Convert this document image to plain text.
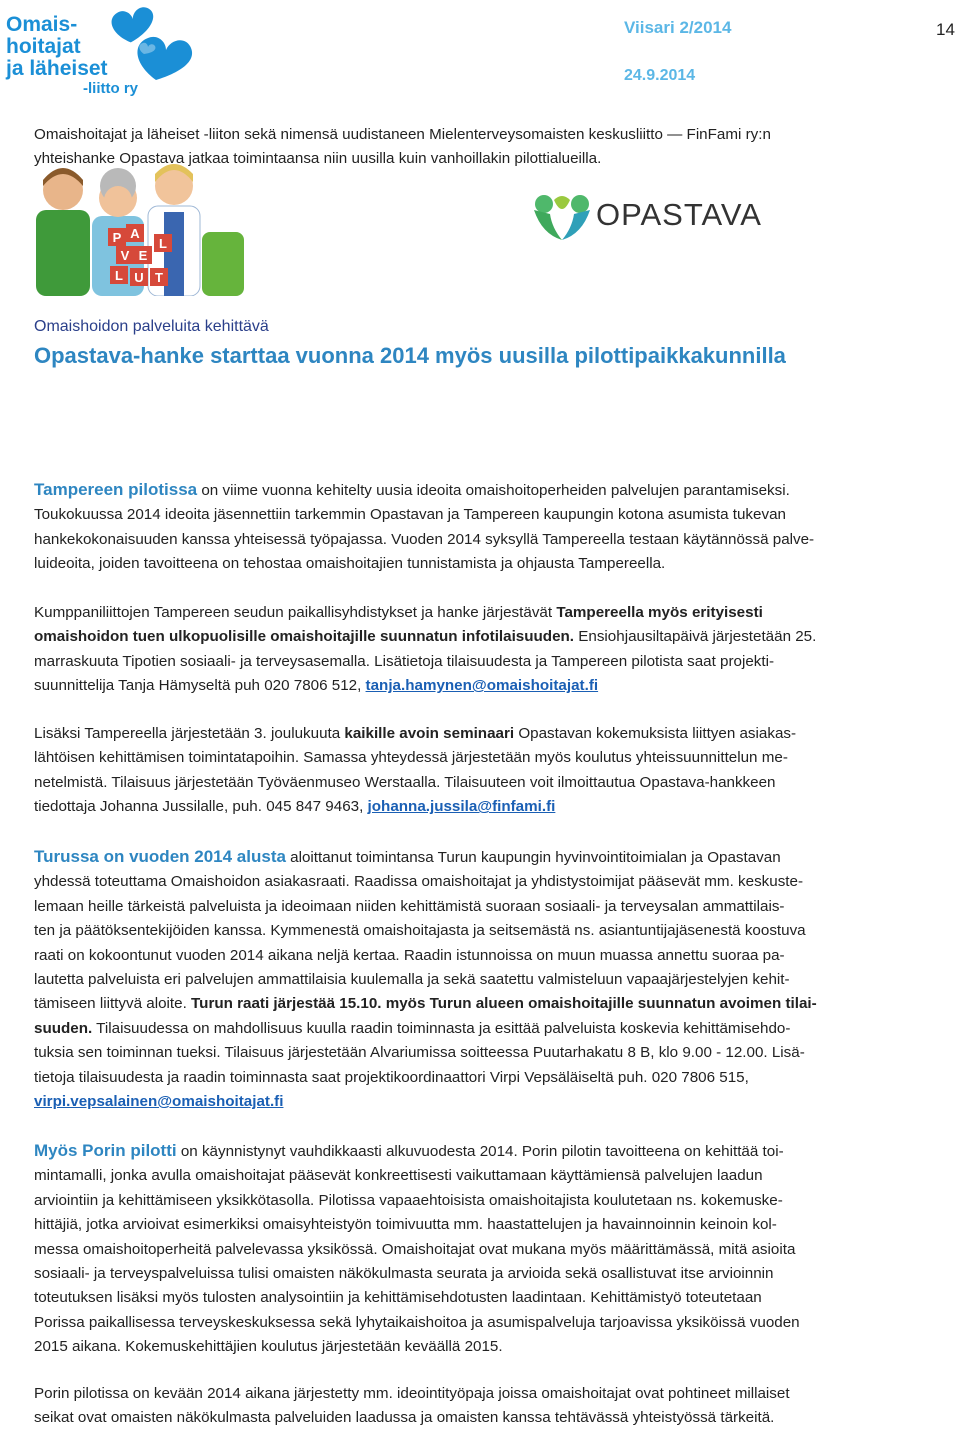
Omais-
hoitajat
ja läheiset
-liitto ry
Viisari 2/2014
24.9.2014
14
P A
V E
L
L U T
OPASTAVA
Omaishoidon palveluita kehittävä
Opastava-hanke starttaa vuonna 2014 myös uusilla pilottipaikkakunnilla

Omaishoitajat ja läheiset -liiton sekä nimensä uudistaneen Mielenterveysomaisten keskusliitto — FinFami ry:n

yhteishanke Opastava jatkaa toimintaansa niin uusilla kuin vanhoillakin pilottialueilla.

Tampereen pilotissa on viime vuonna kehitelty uusia ideoita omaishoitoperheiden palvelujen parantamiseksi.

Toukokuussa 2014 ideoita jäsennettiin tarkemmin Opastavan ja Tampereen kaupungin kotona asumista tukevan

hankekokonaisuuden kanssa yhteisessä työpajassa. Vuoden 2014 syksyllä Tampereella testaan käytännössä palve-

luideoita, joiden tavoitteena on tehostaa omaishoitajien tunnistamista ja ohjausta Tampereella.

Kumppaniliittojen Tampereen seudun paikallisyhdistykset ja hanke järjestävät Tampereella myös erityisesti

omaishoidon tuen ulkopuolisille omaishoitajille suunnatun infotilaisuuden. Ensiohjausiltapäivä järjestetään 25.

marraskuuta Tipotien sosiaali- ja terveysasemalla. Lisätietoja tilaisuudesta ja Tampereen pilotista saat projekti-

suunnittelija Tanja Hämyseltä puh 020 7806 512, tanja.hamynen@omaishoitajat.fi

Lisäksi Tampereella järjestetään 3. joulukuuta kaikille avoin seminaari Opastavan kokemuksista liittyen asiakas-

lähtöisen kehittämisen toimintatapoihin. Samassa yhteydessä järjestetään myös koulutus yhteissuunnittelun me-

netelmistä. Tilaisuus järjestetään Työväenmuseo Werstaalla. Tilaisuuteen voit ilmoittautua Opastava-hankkeen

tiedottaja Johanna Jussilalle, puh. 045 847 9463, johanna.jussila@finfami.fi

Turussa on vuoden 2014 alusta aloittanut toimintansa Turun kaupungin hyvinvointitoimialan ja Opastavan

yhdessä toteuttama Omaishoidon asiakasraati. Raadissa omaishoitajat ja yhdistystoimijat pääsevät mm. keskuste-

lemaan heille tärkeistä palveluista ja ideoimaan niiden kehittämistä suoraan sosiaali- ja terveysalan ammattilais-

ten ja päätöksentekijöiden kanssa. Kymmenestä omaishoitajasta ja seitsemästä ns. asiantuntijajäsenestä koostuva

raati on kokoontunut vuoden 2014 aikana neljä kertaa. Raadin istunnoissa on muun muassa annettu suoraa pa-

lautetta palveluista eri palvelujen ammattilaisia kuulemalla ja sekä saatettu valmisteluun vapaajärjestelyjen kehit-

tämiseen liittyvä aloite. Turun raati järjestää 15.10. myös Turun alueen omaishoitajille suunnatun avoimen tilai-

suuden. Tilaisuudessa on mahdollisuus kuulla raadin toiminnasta ja esittää palveluista koskevia kehittämisehdo-

tuksia sen toiminnan tueksi. Tilaisuus järjestetään Alvariumissa soitteessa Puutarhakatu 8 B, klo 9.00 - 12.00. Lisä-

tietoja tilaisuudesta ja raadin toiminnasta saat projektikoordinaattori Virpi Vepsäläiseltä puh. 020 7806 515,

virpi.vepsalainen@omaishoitajat.fi

Myös Porin pilotti on käynnistynyt vauhdikkaasti alkuvuodesta 2014. Porin pilotin tavoitteena on kehittää toi-

mintamalli, jonka avulla omaishoitajat pääsevät konkreettisesti vaikuttamaan käyttämiensä palvelujen laadun

arviointiin ja kehittämiseen yksikkötasolla. Pilotissa vapaaehtoisista omaishoitajista koulutetaan ns. kokemuske-

hittäjiä, jotka arvioivat esimerkiksi omaisyhteistyön toimivuutta mm. haastattelujen ja havainnoinnin keinoin kol-

messa omaishoitoperheitä palvelevassa yksikössä. Omaishoitajat ovat mukana myös määrittämässä, mitä asioita

sosiaali- ja terveyspalveluissa tulisi omaisten näkökulmasta seurata ja arvioida sekä osallistuvat itse arvioinnin

toteutuksen lisäksi myös tulosten analysointiin ja kehittämisehdotusten laadintaan. Kehittämistyö toteutetaan

Porissa paikallisessa terveyskeskuksessa sekä lyhytaikaishoitoa ja asumispalveluja tarjoavissa yksiköissä vuoden

2015 aikana. Kokemuskehittäjien koulutus järjestetään keväällä 2015.

Porin pilotissa on kevään 2014 aikana järjestetty mm. ideointityöpaja joissa omaishoitajat ovat pohtineet millaiset

seikat ovat omaisten näkökulmasta palveluiden laadussa ja omaisten kanssa tehtävässä yhteistyössä tärkeitä.
